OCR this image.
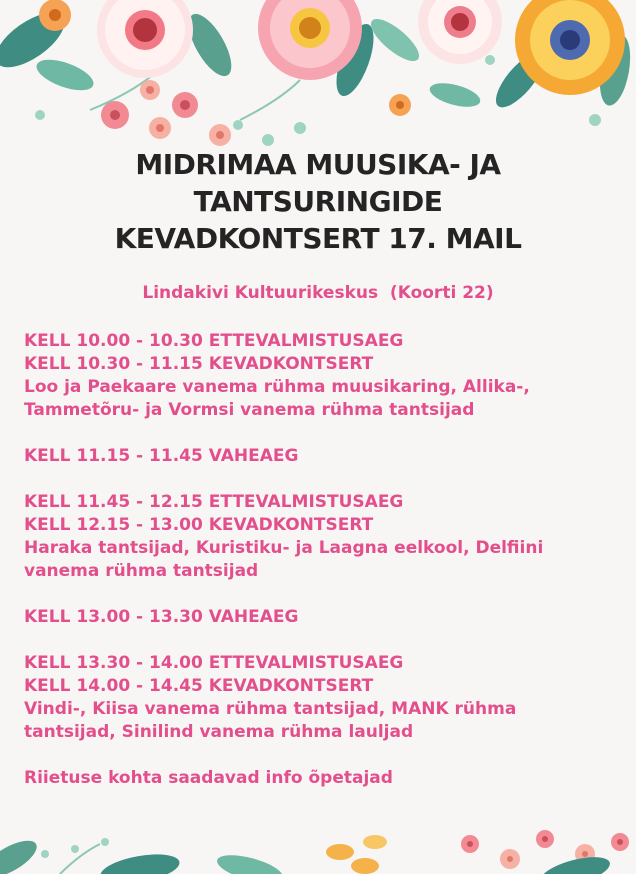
MIDRIMAA MUUSIKA- JA
TANTSURINGIDE
KEVADKONTSERT 17. MAIL
Lindakivi Kultuurikeskus  (Koorti 22)
KELL 10.00 - 10.30 ETTEVALMISTUSAEG
KELL 10.30 - 11.15 KEVADKONTSERT
Loo ja Paekaare vanema rühma muusikaring, Allika-,
Tammetõru- ja Vormsi vanema rühma tantsijad
KELL 11.15 - 11.45 VAHEAEG
KELL 11.45 - 12.15 ETTEVALMISTUSAEG
KELL 12.15 - 13.00 KEVADKONTSERT
Haraka tantsijad, Kuristiku- ja Laagna eelkool, Delfiini
vanema rühma tantsijad
KELL 13.00 - 13.30 VAHEAEG
KELL 13.30 - 14.00 ETTEVALMISTUSAEG
KELL 14.00 - 14.45 KEVADKONTSERT
Vindi-, Kiisa vanema rühma tantsijad, MANK rühma
tantsijad, Sinilind vanema rühma lauljad
Riietuse kohta saadavad info õpetajad
